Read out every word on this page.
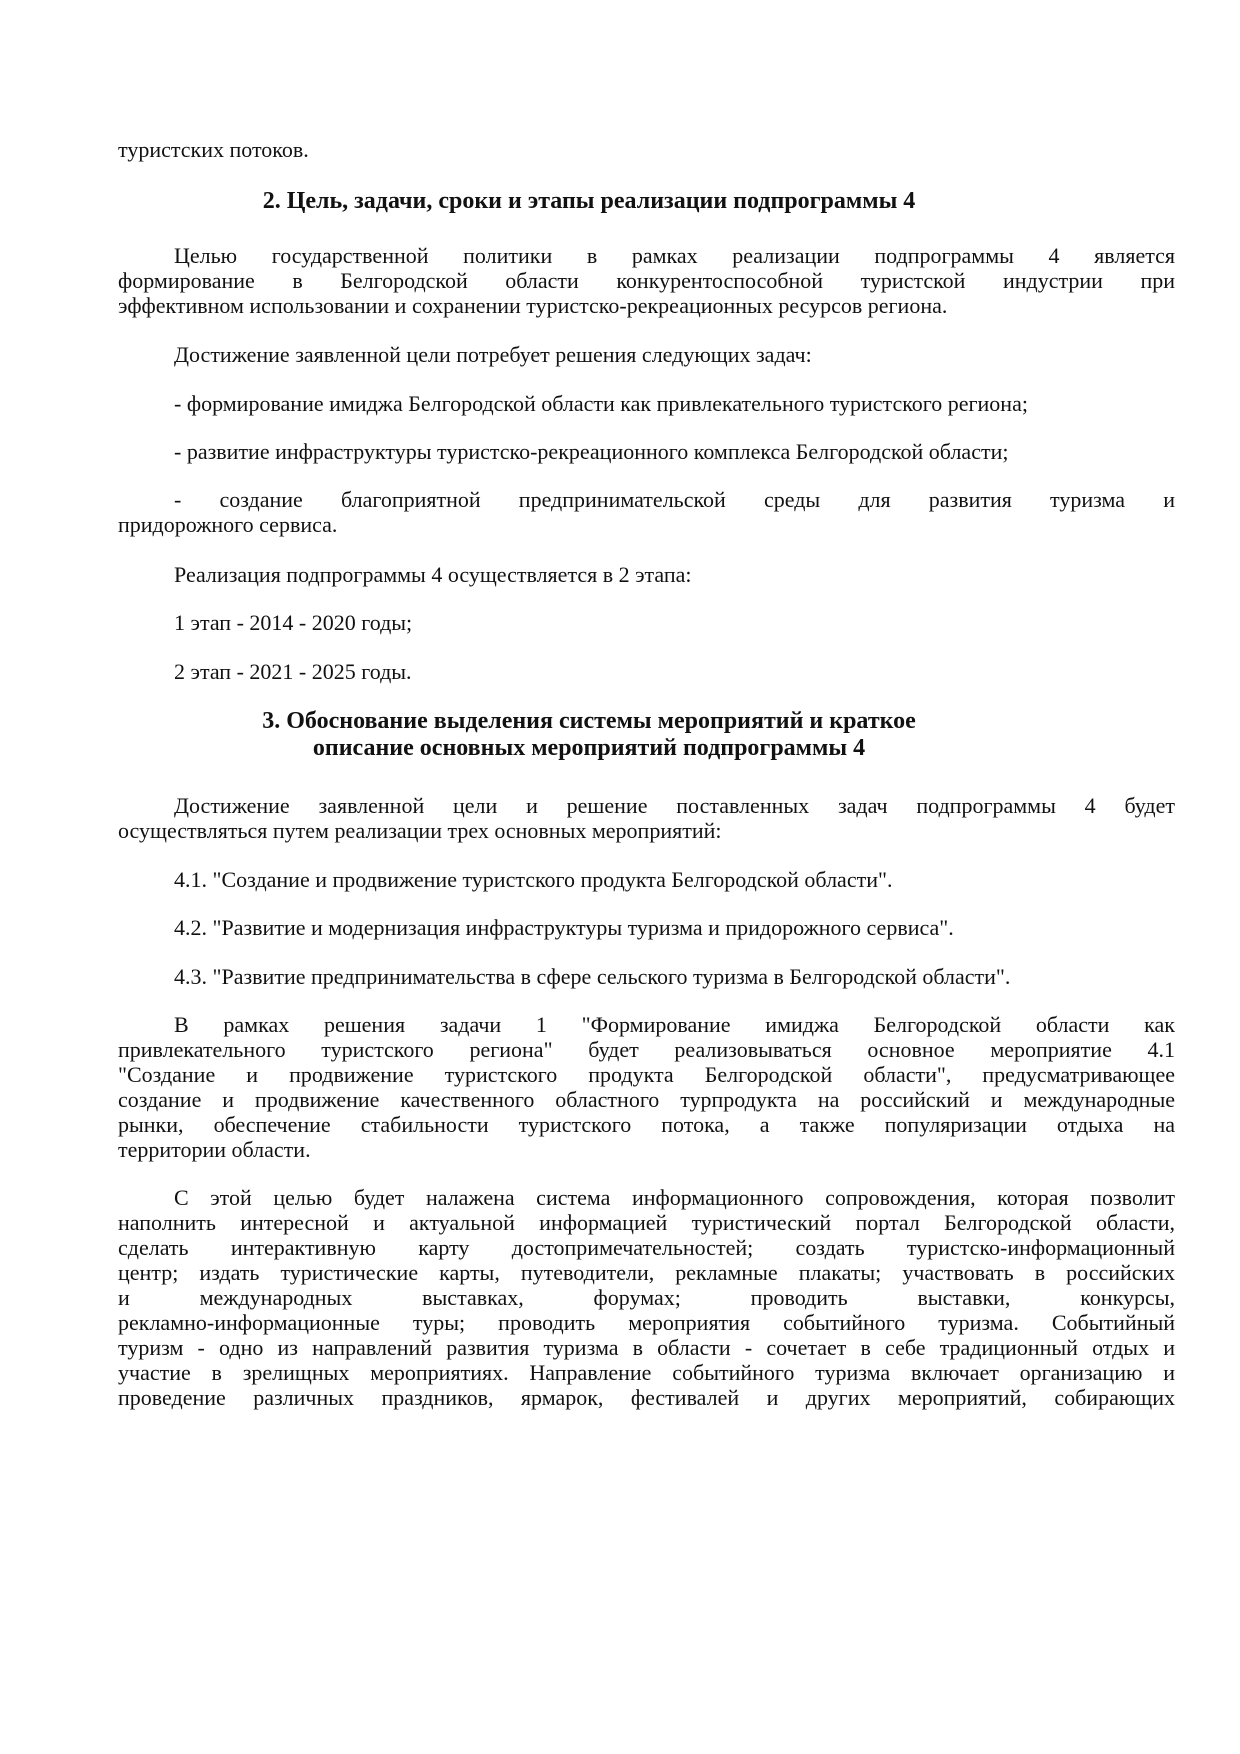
туристских потоков.
2. Цель, задачи, сроки и этапы реализации подпрограммы 4
Целью государственной политики в рамках реализации подпрограммы 4 является
формирование в Белгородской области конкурентоспособной туристской индустрии при
эффективном использовании и сохранении туристско-рекреационных ресурсов региона.
Достижение заявленной цели потребует решения следующих задач:
- формирование имиджа Белгородской области как привлекательного туристского региона;
- развитие инфраструктуры туристско-рекреационного комплекса Белгородской области;
- создание благоприятной предпринимательской среды для развития туризма и
придорожного сервиса.
Реализация подпрограммы 4 осуществляется в 2 этапа:
1 этап - 2014 - 2020 годы;
2 этап - 2021 - 2025 годы.
3. Обоснование выделения системы мероприятий и краткое
описание основных мероприятий подпрограммы 4
Достижение заявленной цели и решение поставленных задач подпрограммы 4 будет
осуществляться путем реализации трех основных мероприятий:
4.1. "Создание и продвижение туристского продукта Белгородской области".
4.2. "Развитие и модернизация инфраструктуры туризма и придорожного сервиса".
4.3. "Развитие предпринимательства в сфере сельского туризма в Белгородской области".
В рамках решения задачи 1 "Формирование имиджа Белгородской области как
привлекательного туристского региона" будет реализовываться основное мероприятие 4.1
"Создание и продвижение туристского продукта Белгородской области", предусматривающее
создание и продвижение качественного областного турпродукта на российский и международные
рынки, обеспечение стабильности туристского потока, а также популяризации отдыха на
территории области.
С этой целью будет налажена система информационного сопровождения, которая позволит
наполнить интересной и актуальной информацией туристический портал Белгородской области,
сделать интерактивную карту достопримечательностей; создать туристско-информационный
центр; издать туристические карты, путеводители, рекламные плакаты; участвовать в российских
и международных выставках, форумах; проводить выставки, конкурсы,
рекламно-информационные туры; проводить мероприятия событийного туризма. Событийный
туризм - одно из направлений развития туризма в области - сочетает в себе традиционный отдых и
участие в зрелищных мероприятиях. Направление событийного туризма включает организацию и
проведение различных праздников, ярмарок, фестивалей и других мероприятий, собирающих
